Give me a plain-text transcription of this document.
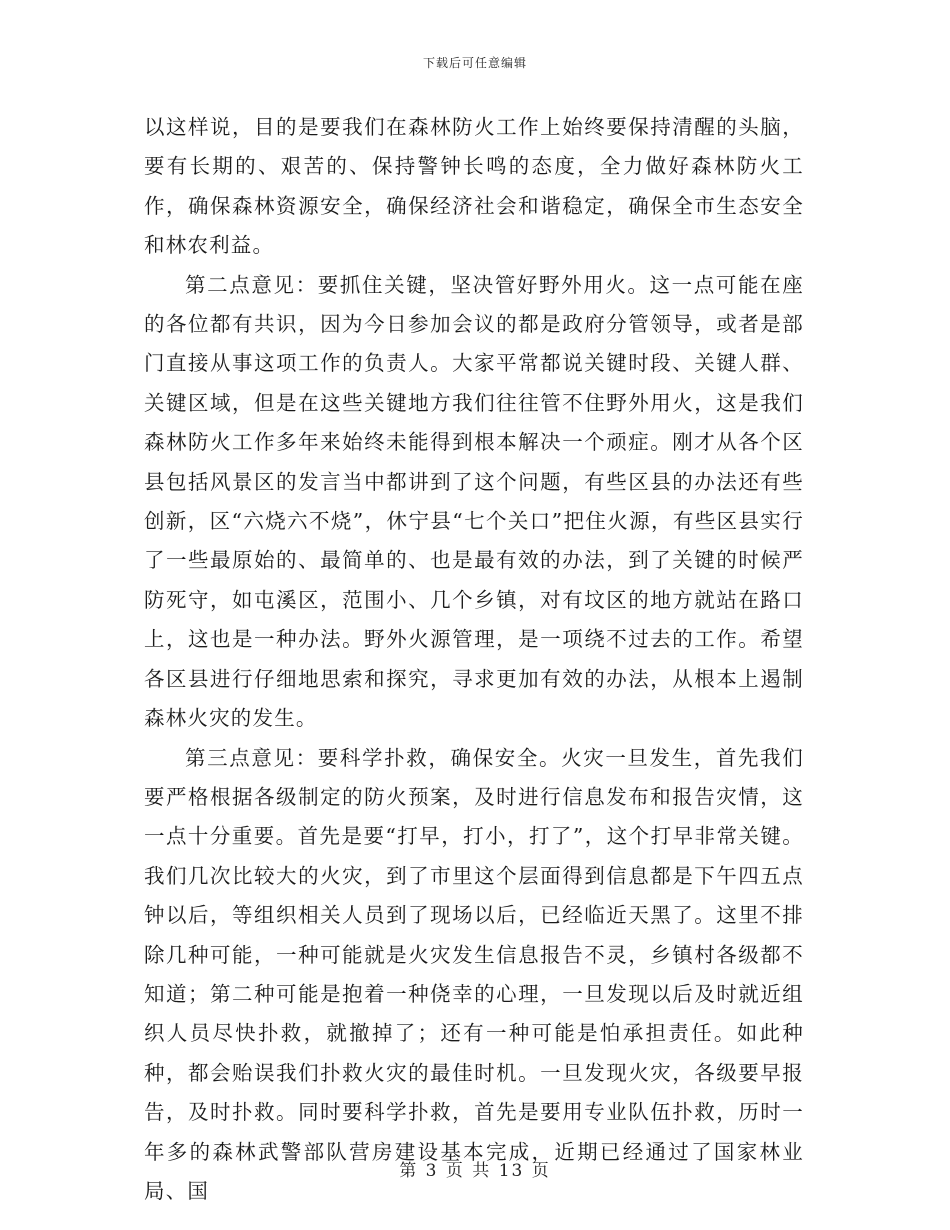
下载后可任意编辑

以这样说，目的是要我们在森林防火工作上始终要保持清醒的头脑，要有长期的、艰苦的、保持警钟长鸣的态度，全力做好森林防火工作，确保森林资源安全，确保经济社会和谐稳定，确保全市生态安全和林农利益。

第二点意见：要抓住关键，坚决管好野外用火。这一点可能在座的各位都有共识，因为今日参加会议的都是政府分管领导，或者是部门直接从事这项工作的负责人。大家平常都说关键时段、关键人群、关键区域，但是在这些关键地方我们往往管不住野外用火，这是我们森林防火工作多年来始终未能得到根本解决一个顽症。刚才从各个区县包括风景区的发言当中都讲到了这个问题，有些区县的办法还有些创新，区“六烧六不烧”，休宁县“七个关口”把住火源，有些区县实行了一些最原始的、最简单的、也是最有效的办法，到了关键的时候严防死守，如屯溪区，范围小、几个乡镇，对有坟区的地方就站在路口上，这也是一种办法。野外火源管理，是一项绕不过去的工作。希望各区县进行仔细地思索和探究，寻求更加有效的办法，从根本上遏制森林火灾的发生。

第三点意见：要科学扑救，确保安全。火灾一旦发生，首先我们要严格根据各级制定的防火预案，及时进行信息发布和报告灾情，这一点十分重要。首先是要“打早，打小，打了”，这个打早非常关键。我们几次比较大的火灾，到了市里这个层面得到信息都是下午四五点钟以后，等组织相关人员到了现场以后，已经临近天黑了。这里不排除几种可能，一种可能就是火灾发生信息报告不灵，乡镇村各级都不知道；第二种可能是抱着一种侥幸的心理，一旦发现以后及时就近组织人员尽快扑救，就撤掉了；还有一种可能是怕承担责任。如此种种，都会贻误我们扑救火灾的最佳时机。一旦发现火灾，各级要早报告，及时扑救。同时要科学扑救，首先是要用专业队伍扑救，历时一年多的森林武警部队营房建设基本完成，近期已经通过了国家林业局、国

第 3 页 共 13 页
